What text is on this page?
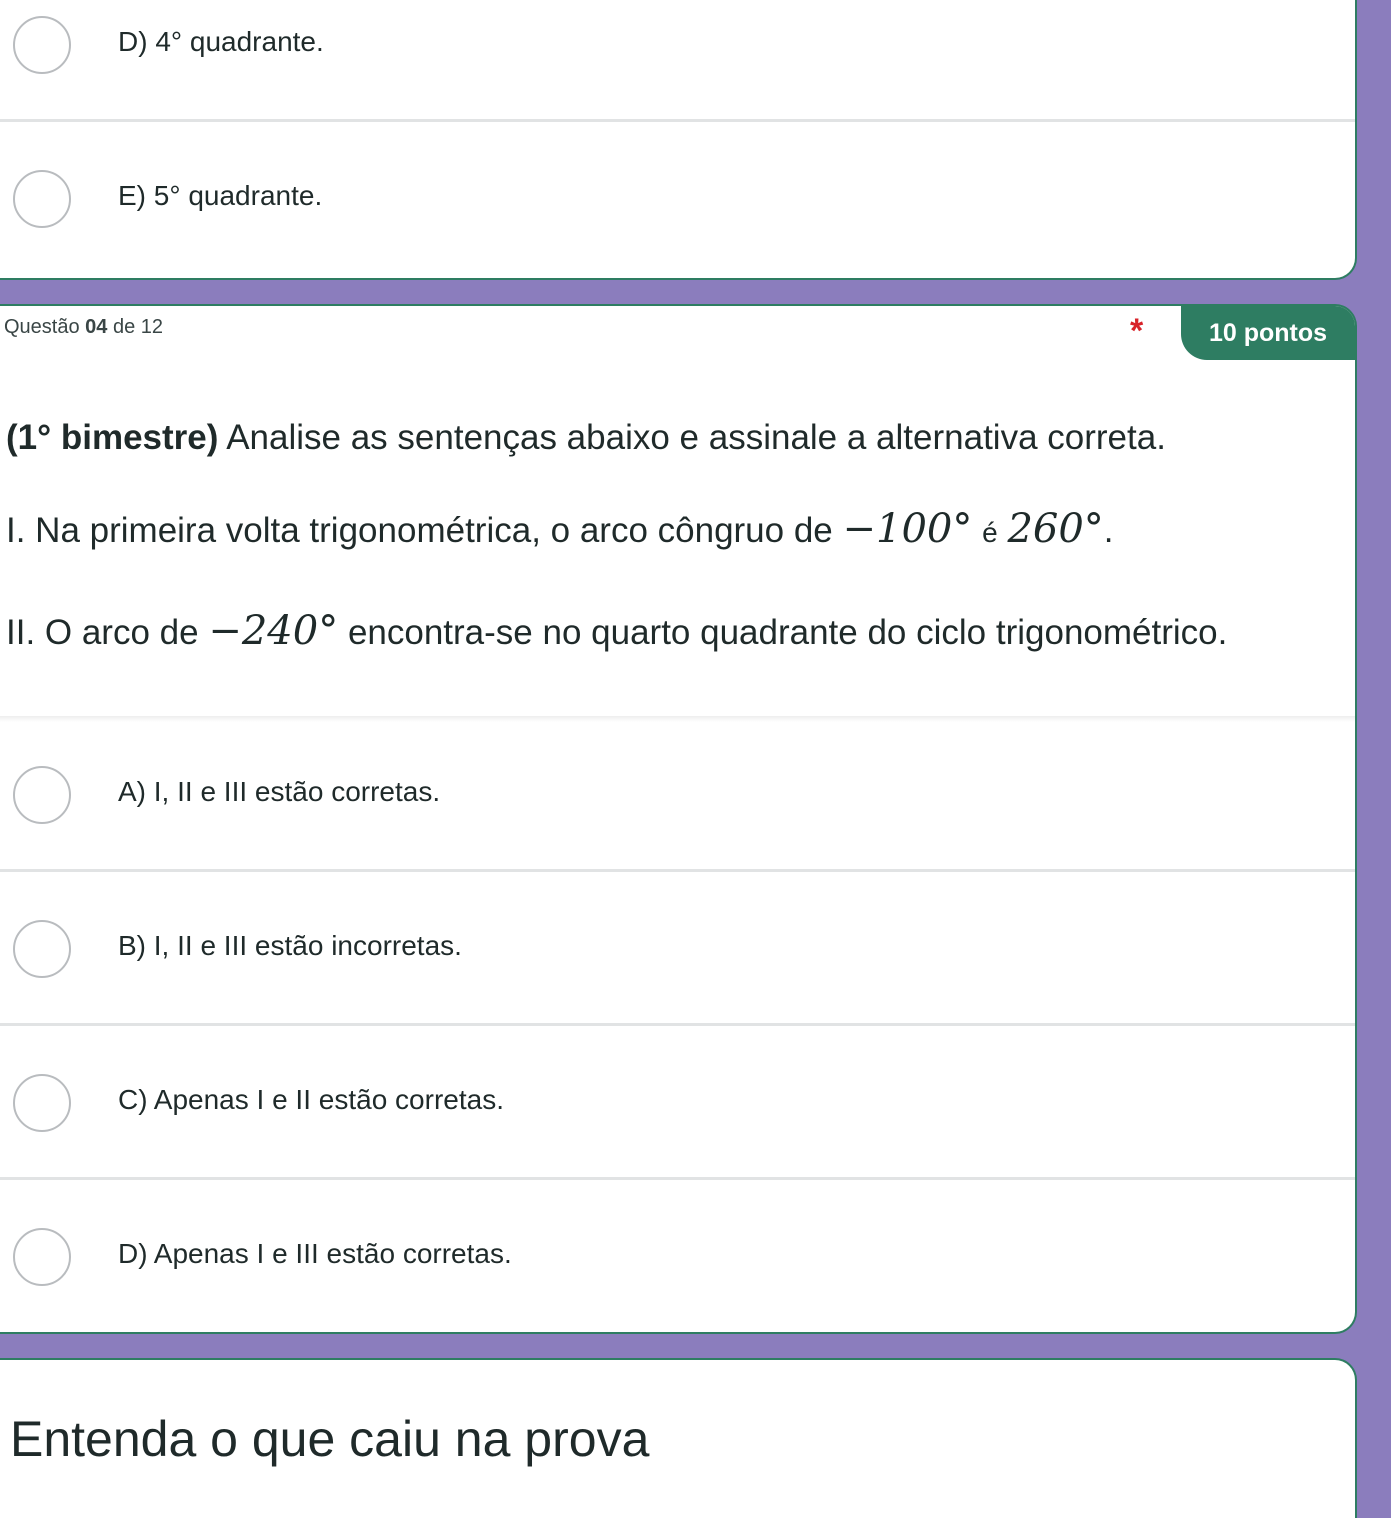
D) 4° quadrante.
E) 5° quadrante.
Questão 04 de 12	*	10 pontos
(1° bimestre) Analise as sentenças abaixo e assinale a alternativa correta.
I. Na primeira volta trigonométrica, o arco côngruo de −100° é 260°.
II. O arco de −240° encontra-se no quarto quadrante do ciclo trigonométrico.
A) I, II e III estão corretas.
B) I, II e III estão incorretas.
C) Apenas I e II estão corretas.
D) Apenas I e III estão corretas.
Entenda o que caiu na prova
